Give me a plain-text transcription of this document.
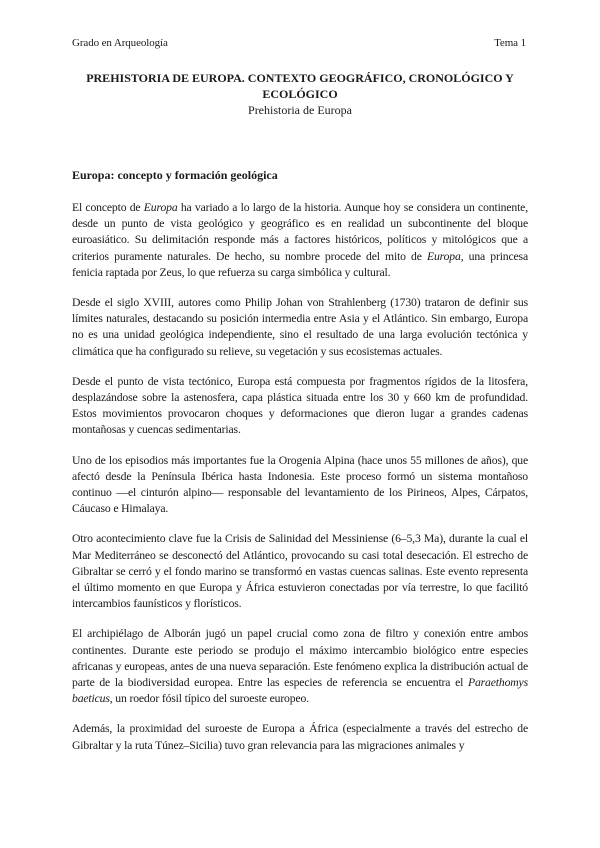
Grado en Arqueología	Tema 1

PREHISTORIA DE EUROPA. CONTEXTO GEOGRÁFICO, CRONOLÓGICO Y ECOLÓGICO

Prehistoria de Europa

Europa: concepto y formación geológica

El concepto de Europa ha variado a lo largo de la historia. Aunque hoy se considera un continente, desde un punto de vista geológico y geográfico es en realidad un subcontinente del bloque euroasiático. Su delimitación responde más a factores históricos, políticos y mitológicos que a criterios puramente naturales. De hecho, su nombre procede del mito de Europa, una princesa fenicia raptada por Zeus, lo que refuerza su carga simbólica y cultural.

Desde el siglo XVIII, autores como Philip Johan von Strahlenberg (1730) trataron de definir sus límites naturales, destacando su posición intermedia entre Asia y el Atlántico. Sin embargo, Europa no es una unidad geológica independiente, sino el resultado de una larga evolución tectónica y climática que ha configurado su relieve, su vegetación y sus ecosistemas actuales.

Desde el punto de vista tectónico, Europa está compuesta por fragmentos rígidos de la litosfera, desplazándose sobre la astenosfera, capa plástica situada entre los 30 y 660 km de profundidad. Estos movimientos provocaron choques y deformaciones que dieron lugar a grandes cadenas montañosas y cuencas sedimentarias.

Uno de los episodios más importantes fue la Orogenia Alpina (hace unos 55 millones de años), que afectó desde la Península Ibérica hasta Indonesia. Este proceso formó un sistema montañoso continuo —el cinturón alpino— responsable del levantamiento de los Pirineos, Alpes, Cárpatos, Cáucaso e Himalaya.

Otro acontecimiento clave fue la Crisis de Salinidad del Messiniense (6–5,3 Ma), durante la cual el Mar Mediterráneo se desconectó del Atlántico, provocando su casi total desecación. El estrecho de Gibraltar se cerró y el fondo marino se transformó en vastas cuencas salinas. Este evento representa el último momento en que Europa y África estuvieron conectadas por vía terrestre, lo que facilitó intercambios faunísticos y florísticos.

El archipiélago de Alborán jugó un papel crucial como zona de filtro y conexión entre ambos continentes. Durante este periodo se produjo el máximo intercambio biológico entre especies africanas y europeas, antes de una nueva separación. Este fenómeno explica la distribución actual de parte de la biodiversidad europea. Entre las especies de referencia se encuentra el Paraethomys baeticus, un roedor fósil típico del suroeste europeo.

Además, la proximidad del suroeste de Europa a África (especialmente a través del estrecho de Gibraltar y la ruta Túnez–Sicilia) tuvo gran relevancia para las migraciones animales y
